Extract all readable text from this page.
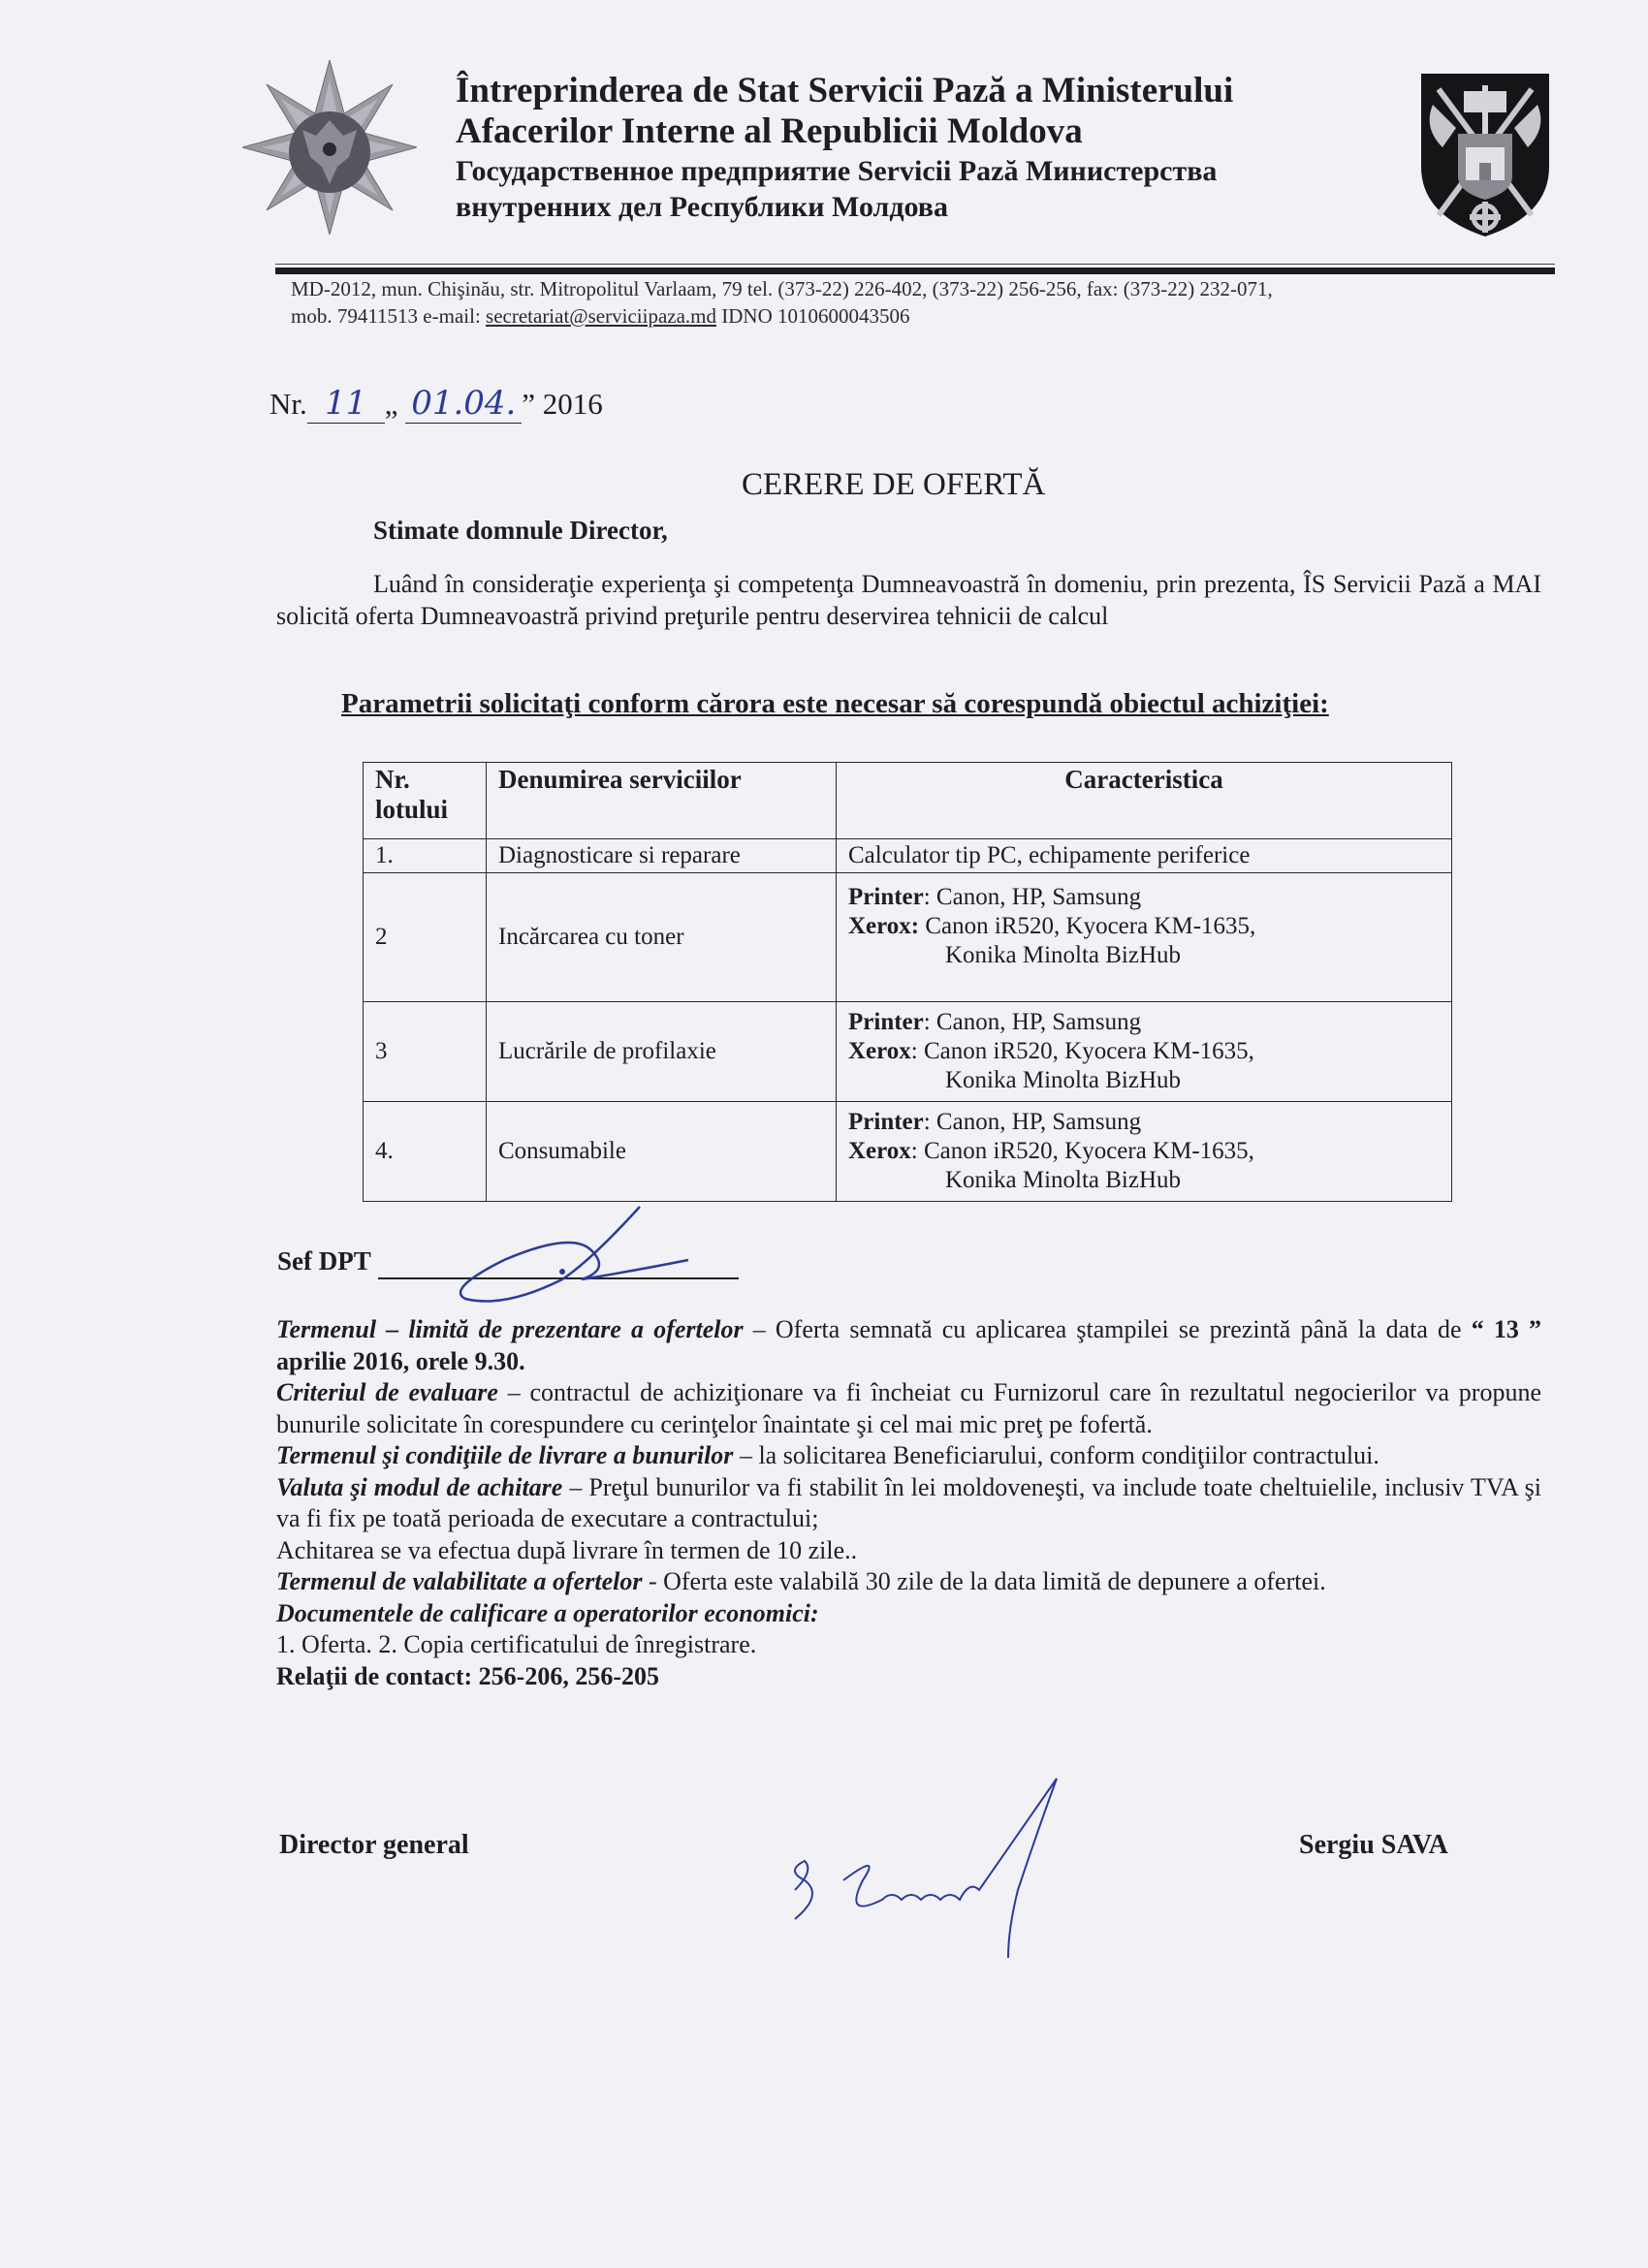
Întreprinderea de Stat Servicii Pază a Ministerului
Afacerilor Interne al Republicii Moldova
Государственное предприятие Servicii Pază Министерства
внутренних дел Республики Молдова
MD-2012, mun. Chişinău, str. Mitropolitul Varlaam, 79 tel. (373-22) 226-402, (373-22) 256-256, fax: (373-22) 232-071,
mob. 79411513 e-mail: secretariat@serviciipaza.md IDNO 1010600043506
Nr. 11 „ 01.04. ” 2016
CERERE DE OFERTĂ
Stimate domnule Director,
Luând în consideraţie experienţa şi competenţa Dumneavoastră în domeniu, prin prezenta, ÎS Servicii Pază a MAI solicită oferta Dumneavoastră privind preţurile pentru deservirea tehnicii de calcul
Parametrii solicitaţi conform cărora este necesar să corespundă obiectul achiziţiei:
Nr. lotului	Denumirea serviciilor	Caracteristica
1.	Diagnosticare si reparare	Calculator tip PC, echipamente periferice

2	Incărcarea cu toner	Printer: Canon, HP, Samsung
Xerox: Canon iR520, Kyocera KM-1635,
Konika Minolta BizHub

3	Lucrările de profilaxie	Printer: Canon, HP, Samsung
Xerox: Canon iR520, Kyocera KM-1635,
Konika Minolta BizHub

4.	Consumabile	Printer: Canon, HP, Samsung
Xerox: Canon iR520, Kyocera KM-1635,
Konika Minolta BizHub
Sef DPT

Termenul – limită de prezentare a ofertelor – Oferta semnată cu aplicarea ştampilei se prezintă până la data de “ 13 ” aprilie 2016, orele 9.30.

Criteriul de evaluare – contractul de achiziţionare va fi încheiat cu Furnizorul care în rezultatul negocierilor va propune bunurile solicitate în corespundere cu cerinţelor înaintate şi cel mai mic preţ pe fofertă.

Termenul şi condiţiile de livrare a bunurilor – la solicitarea Beneficiarului, conform condiţiilor contractului.

Valuta şi modul de achitare – Preţul bunurilor va fi stabilit în lei moldoveneşti, va include toate cheltuielile, inclusiv TVA şi va fi fix pe toată perioada de executare a contractului;

Achitarea se va efectua după livrare în termen de 10 zile..

Termenul de valabilitate a ofertelor - Oferta este valabilă 30 zile de la data limită de depunere a ofertei.

Documentele de calificare a operatorilor economici:

1. Oferta. 2. Copia certificatului de înregistrare.

Relaţii de contact: 256-206, 256-205

Director general	Sergiu SAVA
